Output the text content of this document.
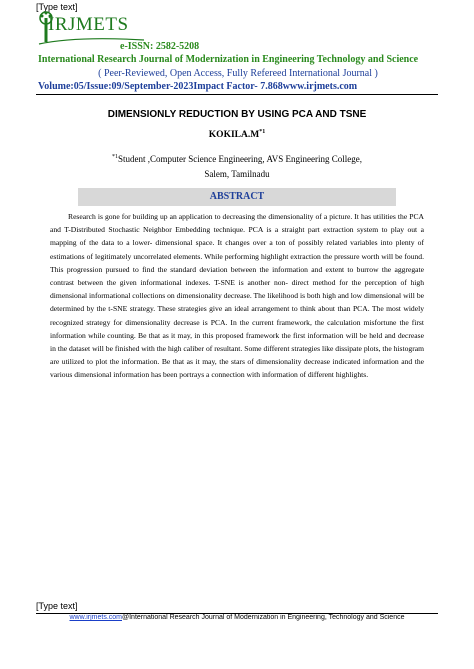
[Type text]
IRJMETS
e-ISSN: 2582-5208
International Research Journal of Modernization in Engineering Technology and Science
( Peer-Reviewed, Open Access, Fully Refereed International Journal )
Volume:05/Issue:09/September-2023Impact Factor- 7.868www.irjmets.com
DIMENSIONLY REDUCTION BY USING PCA AND TSNE
$KOKILA.M^{*1}$
$^{*1}$Student ,Computer Science Engineering, AVS Engineering College,
Salem, Tamilnadu
ABSTRACT
Research is gone for building up an application to decreasing the dimensionality of a picture. It has utilities the PCA and T-Distributed Stochastic Neighbor Embedding technique. PCA is a straight part extraction system to play out a mapping of the data to a lower- dimensional space. It changes over a ton of possibly related variables into plenty of estimations of legitimately uncorrelated elements. While performing highlight extraction the pressure worth will be found. This progression pursued to find the standard deviation between the information and extent to burrow the aggregate contrast between the given informational indexes. T-SNE is another non- direct method for the perception of high dimensional informational collections on dimensionality decrease. The likelihood is both high and low dimensional will be determined by the t-SNE strategy. These strategies give an ideal arrangement to think about than PCA. The most widely recognized strategy for dimensionality decrease is PCA. In the current framework, the calculation misfortune the first information while counting. Be that as it may, in this proposed framework the first information will be held and decrease in the dataset will be finished with the high caliber of resultant. Some different strategies like dissipate plots, the histogram are utilized to plot the information. Be that as it may, the stars of dimensionality decrease indicated information and the various dimensional information has been portrays a connection with information of different highlights.
[Type text]
www.irjmets.com@International Research Journal of Modernization in Engineering, Technology and Science
